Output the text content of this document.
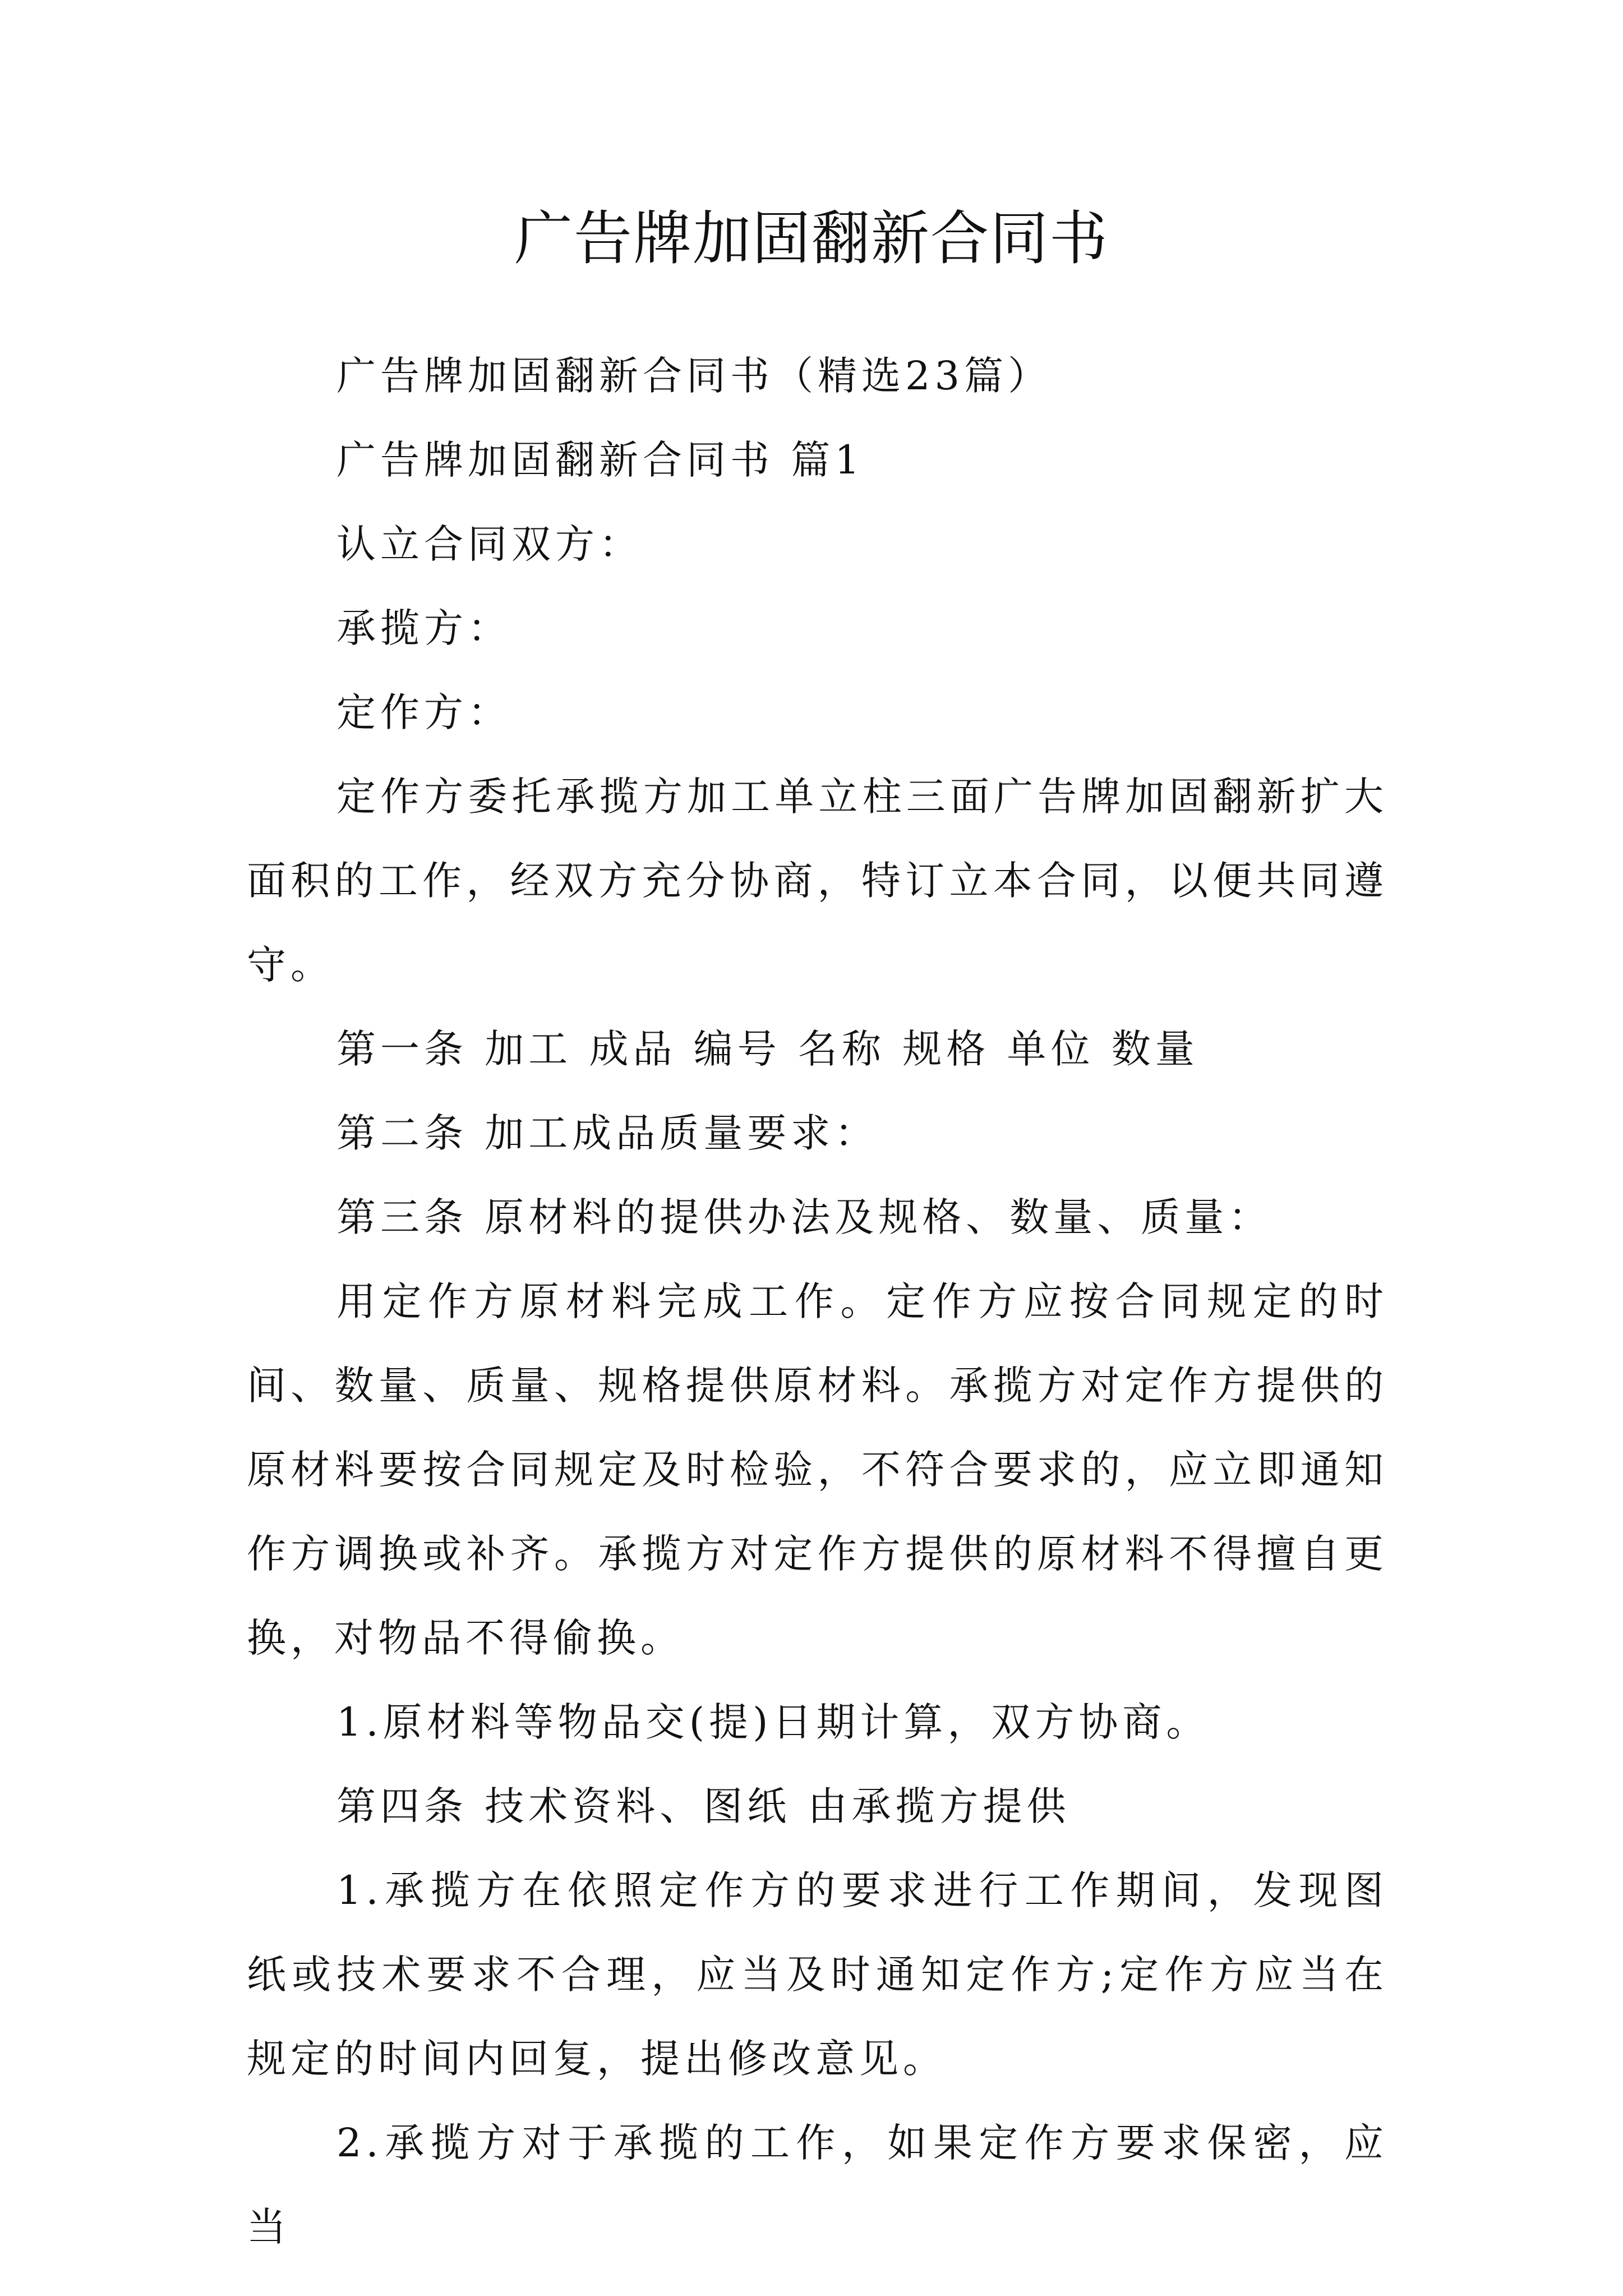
广告牌加固翻新合同书

广告牌加固翻新合同书（精选23篇）

广告牌加固翻新合同书 篇1

认立合同双方：

承揽方：

定作方：

定作方委托承揽方加工单立柱三面广告牌加固翻新扩大面积的工作，经双方充分协商，特订立本合同，以便共同遵守。

第一条 加工 成品 编号 名称 规格 单位 数量

第二条 加工成品质量要求：

第三条 原材料的提供办法及规格、数量、质量：

用定作方原材料完成工作。定作方应按合同规定的时间、数量、质量、规格提供原材料。承揽方对定作方提供的原材料要按合同规定及时检验，不符合要求的，应立即通知作方调换或补齐。承揽方对定作方提供的原材料不得擅自更换，对物品不得偷换。

1.原材料等物品交(提)日期计算，双方协商。

第四条 技术资料、图纸 由承揽方提供

1.承揽方在依照定作方的要求进行工作期间，发现图纸或技术要求不合理，应当及时通知定作方;定作方应当在规定的时间内回复，提出修改意见。

2.承揽方对于承揽的工作，如果定作方要求保密，应当
